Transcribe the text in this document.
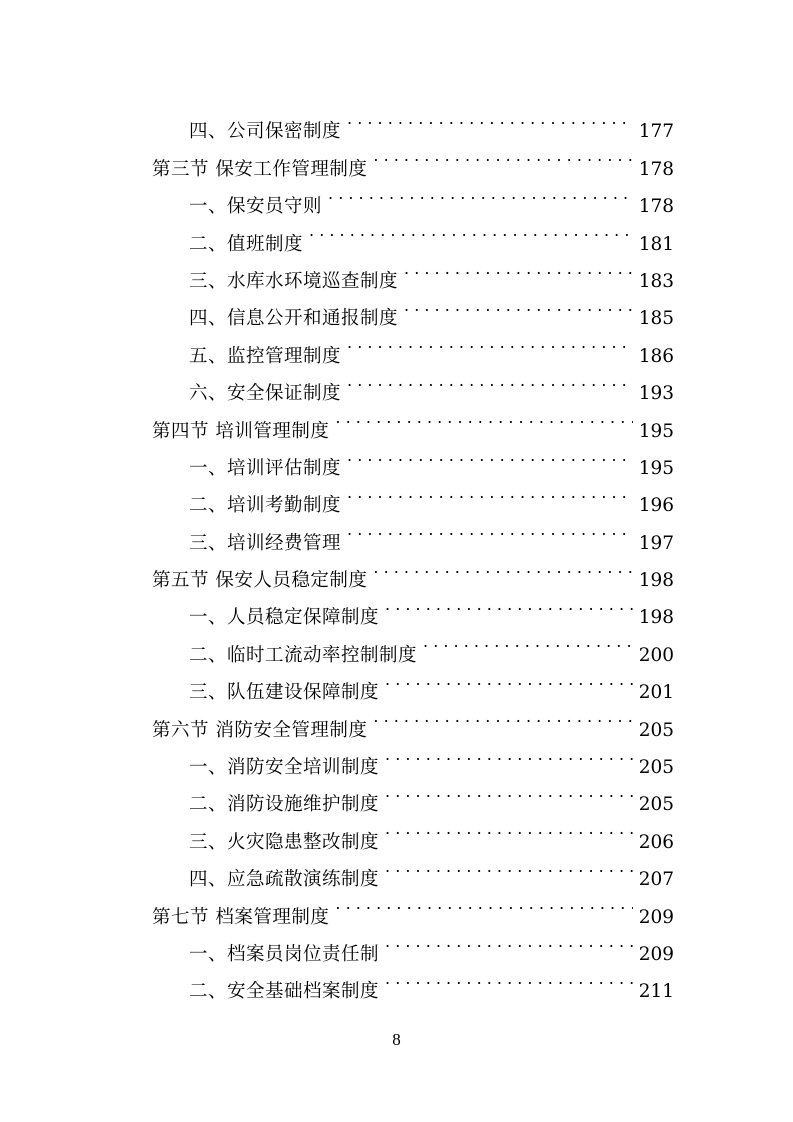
四、公司保密制度 . . .	177
第三节 保安工作管理制度 . . .	178
一、保安员守则 . . .	178
二、值班制度 . . .	181
三、水库水环境巡查制度 . . .	183
四、信息公开和通报制度 . . .	185
五、监控管理制度 . . .	186
六、安全保证制度 . . .	193
第四节 培训管理制度 . . .	195
一、培训评估制度 . . .	195
二、培训考勤制度 . . .	196
三、培训经费管理 . . .	197
第五节 保安人员稳定制度 . . .	198
一、人员稳定保障制度 . . .	198
二、临时工流动率控制制度 . . .	200
三、队伍建设保障制度 . . .	201
第六节 消防安全管理制度 . . .	205
一、消防安全培训制度 . . .	205
二、消防设施维护制度 . . .	205
三、火灾隐患整改制度 . . .	206
四、应急疏散演练制度 . . .	207
第七节 档案管理制度 . . .	209
一、档案员岗位责任制 . . .	209
二、安全基础档案制度 . . .	211
8
